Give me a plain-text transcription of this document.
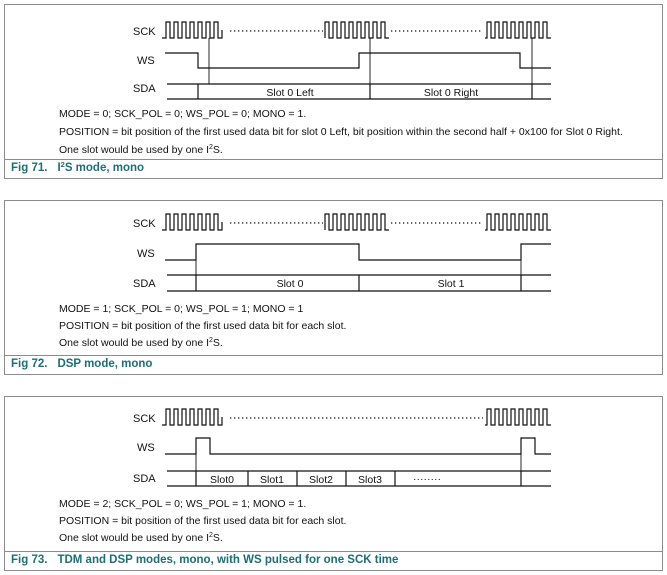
SCK
WS
SDA	Slot 0 Left	Slot 0 Right
MODE = 0; SCK_POL = 0; WS_POL = 0; MONO = 1.
POSITION = bit position of the first used data bit for slot 0 Left, bit position within the second half + 0x100 for Slot 0 Right.
One slot would be used by one $I^2S$.
Fig 71. $I^2S$ mode, mono
SCK
WS
SDA	Slot 0	Slot 1
MODE = 1; SCK_POL = 0; WS_POL = 1; MONO = 1
POSITION = bit position of the first used data bit for each slot.
One slot would be used by one $I^2S$.
Fig 72. DSP mode, mono
SCK
WS
SDA	Slot0 Slot1 Slot2 Slot3	········
MODE = 2; SCK_POL = 0; WS_POL = 1; MONO = 1.
POSITION = bit position of the first used data bit for each slot.
One slot would be used by one $I^2S$.
Fig 73. TDM and DSP modes, mono, with WS pulsed for one SCK time
